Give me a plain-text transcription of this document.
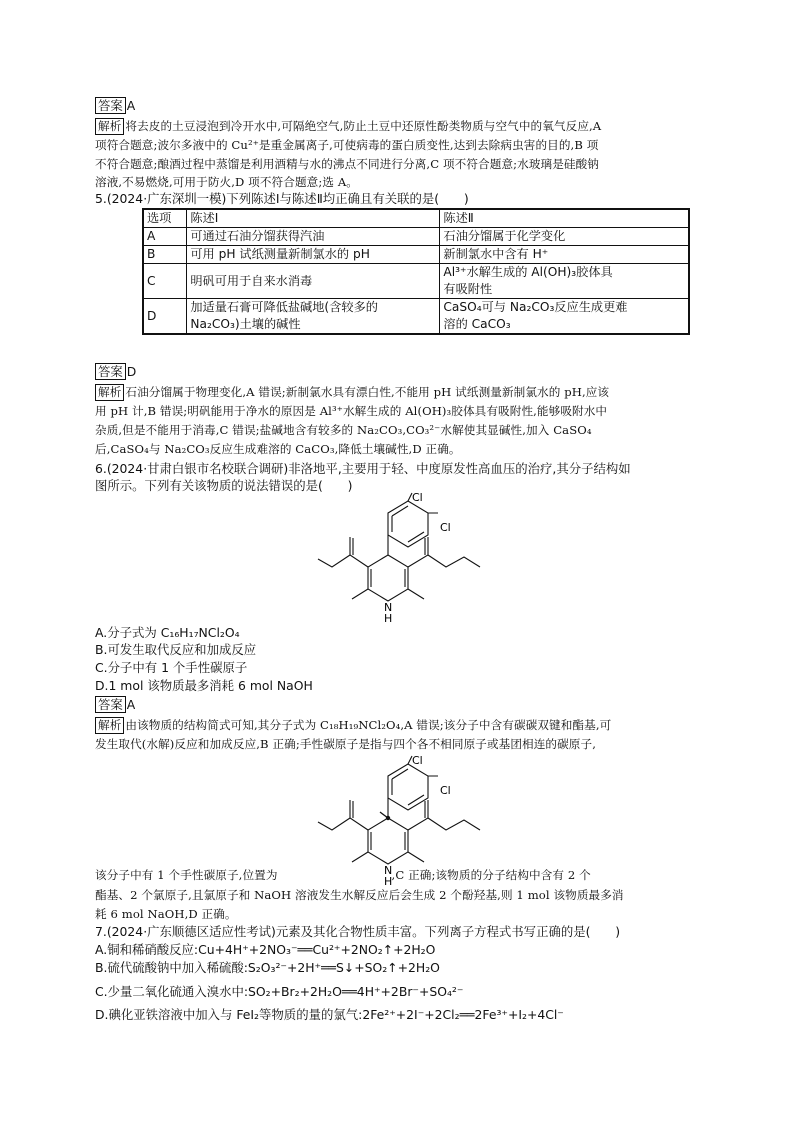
答案 A
解析 将去皮的土豆浸泡到冷开水中,可隔绝空气,防止土豆中还原性酚类物质与空气中的氧气反应,A
项符合题意;波尔多液中的 Cu²⁺是重金属离子,可使病毒的蛋白质变性,达到去除病虫害的目的,B 项
不符合题意;酿酒过程中蒸馏是利用酒精与水的沸点不同进行分离,C 项不符合题意;水玻璃是硅酸钠
溶液,不易燃烧,可用于防火,D 项不符合题意;选 A。
5.(2024·广东深圳一模)下列陈述Ⅰ与陈述Ⅱ均正确且有关联的是(　　)
选项	陈述Ⅰ	陈述Ⅱ
A	可通过石油分馏获得汽油	石油分馏属于化学变化
B	可用 pH 试纸测量新制氯水的 pH	新制氯水中含有 H⁺
C	明矾可用于自来水消毒	Al³⁺水解生成的 Al(OH)₃胶体具
有吸附性
D	加适量石膏可降低盐碱地(含较多的
Na₂CO₃)土壤的碱性	CaSO₄可与 Na₂CO₃反应生成更难
溶的 CaCO₃
答案 D
解析 石油分馏属于物理变化,A 错误;新制氯水具有漂白性,不能用 pH 试纸测量新制氯水的 pH,应该
用 pH 计,B 错误;明矾能用于净水的原因是 Al³⁺水解生成的 Al(OH)₃胶体具有吸附性,能够吸附水中
杂质,但是不能用于消毒,C 错误;盐碱地含有较多的 Na₂CO₃,CO₃²⁻水解使其显碱性,加入 CaSO₄
后,CaSO₄与 Na₂CO₃反应生成难溶的 CaCO₃,降低土壤碱性,D 正确。
6.(2024·甘肃白银市名校联合调研)非洛地平,主要用于轻、中度原发性高血压的治疗,其分子结构如
图所示。下列有关该物质的说法错误的是(　　)
Cl
Cl
N
H
A.分子式为 C₁₆H₁₇NCl₂O₄
B.可发生取代反应和加成反应
C.分子中有 1 个手性碳原子
D.1 mol 该物质最多消耗 6 mol NaOH
答案 A
解析 由该物质的结构简式可知,其分子式为 C₁₈H₁₉NCl₂O₄,A 错误;该分子中含有碳碳双键和酯基,可
发生取代(水解)反应和加成反应,B 正确;手性碳原子是指与四个各不相同原子或基团相连的碳原子,
Cl
Cl
N
H
该分子中有 1 个手性碳原子,位置为	,C 正确;该物质的分子结构中含有 2 个
酯基、2 个氯原子,且氯原子和 NaOH 溶液发生水解反应后会生成 2 个酚羟基,则 1 mol 该物质最多消
耗 6 mol NaOH,D 正确。
7.(2024·广东顺德区适应性考试)元素及其化合物性质丰富。下列离子方程式书写正确的是(　　)
A.铜和稀硝酸反应:Cu+4H⁺+2NO₃⁻══Cu²⁺+2NO₂↑+2H₂O
B.硫代硫酸钠中加入稀硫酸:S₂O₃²⁻+2H⁺══S↓+SO₂↑+2H₂O
C.少量二氧化硫通入溴水中:SO₂+Br₂+2H₂O══4H⁺+2Br⁻+SO₄²⁻
D.碘化亚铁溶液中加入与 FeI₂等物质的量的氯气:2Fe²⁺+2I⁻+2Cl₂══2Fe³⁺+I₂+4Cl⁻
